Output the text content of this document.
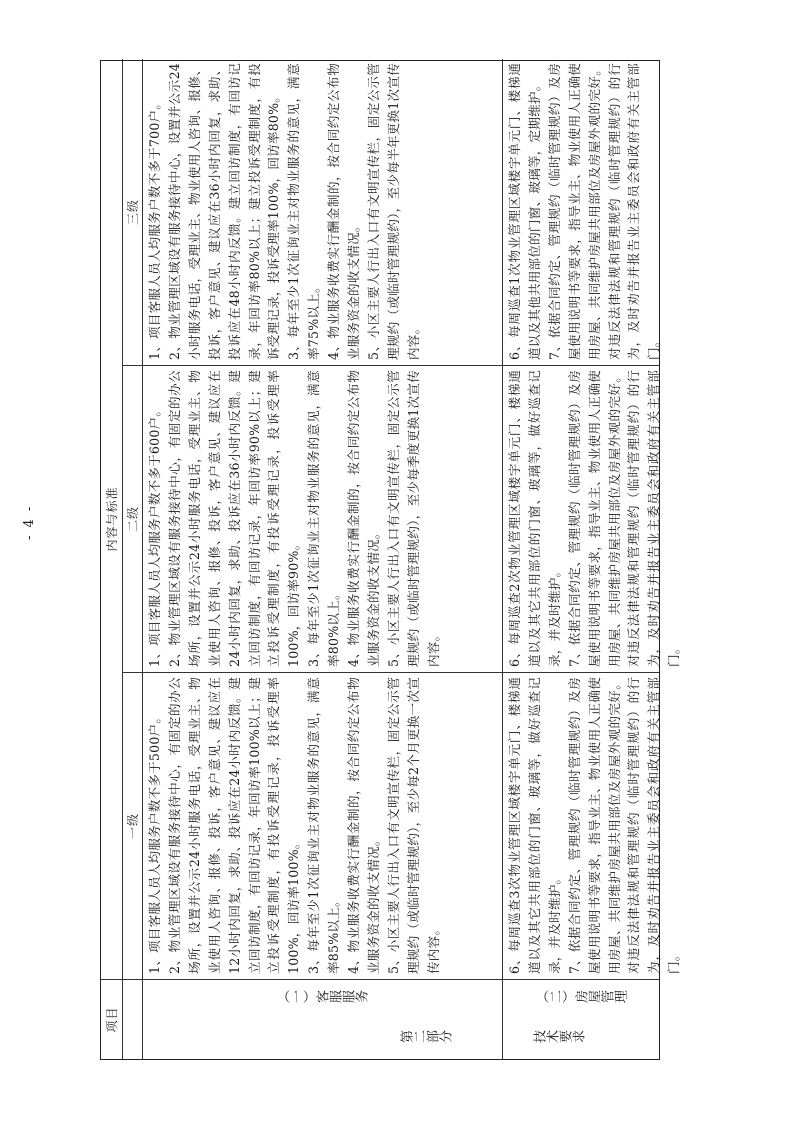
项目
内容与标准
一级
二级
三级
第二部分
（一）客服服务

1、项目客服人员人均服务户数不多于500户。 2、物业管理区域设有服务接待中心，有固定的办公场所，设置并公示24小时服务电话，受理业主、物业使用人咨询、报修、投诉，客户意见、建议应在12小时内回复，求助、投诉应在24小时内反馈。建立回访制度，有回访记录，年回访率100%以上；建立投诉受理制度，有投诉受理记录，投诉受理率100%，回访率100%。 3、每年至少1次征询业主对物业服务的意见，满意率85%以上。 4、物业服务收费实行酬金制的，按合同约定公布物业服务资金的收支情况。 5、小区主要人行出入口有文明宣传栏，固定公示管理规约（或临时管理规约），至少每2个月更换一次宣传内容。

1、项目客服人员人均服务户数不多于600户。 2、物业管理区域设有服务接待中心，有固定的办公场所，设置并公示24小时服务电话，受理业主、物业使用人咨询、报修、投诉，客户意见、建议应在24小时内回复，求助、投诉应在36小时内反馈。建立回访制度，有回访记录，年回访率90%以上；建立投诉受理制度，有投诉受理记录，投诉受理率100%，回访率90%。 3、每年至少1次征询业主对物业服务的意见，满意率80%以上。 4、物业服务收费实行酬金制的，按合同约定公布物业服务资金的收支情况。 5、小区主要人行出入口有文明宣传栏，固定公示管理规约（或临时管理规约），至少每季度更换1次宣传内容。

1、项目客服人员人均服务户数不多于700户。 2、物业管理区域设有服务接待中心，设置并公示24小时服务电话，受理业主、物业使用人咨询、报修、投诉，客户意见、建议应在36小时内回复，求助、投诉应在48小时内反馈。建立回访制度，有回访记录，年回访率80%以上；建立投诉受理制度，有投诉受理记录，投诉受理率100%，回访率80%。 3、每年至少1次征询业主对物业服务的意见，满意率75%以上。 4、物业服务收费实行酬金制的，按合同约定公布物业服务资金的收支情况。 5、小区主要人行出入口有文明宣传栏，固定公示管理规约（或临时管理规约），至少每半年更换1次宣传内容。

技术要求
（二）房屋管理

6、每周巡查3次物业管理区域楼宇单元门、楼梯通道以及其它共用部位的门窗、玻璃等，做好巡查记录，并及时维护。 7、依据合同约定、管理规约（临时管理规约）及房屋使用说明书等要求，指导业主、物业使用人正确使用房屋、共同维护房屋共用部位及房屋外观的完好。对违反法律法规和管理规约（临时管理规约）的行为，及时劝告并报告业主委员会和政府有关主管部门。

6、每周巡查2次物业管理区域楼宇单元门、楼梯通道以及其它共用部位的门窗、玻璃等，做好巡查记录，并及时维护。 7、依据合同约定、管理规约（临时管理规约）及房屋使用说明书等要求，指导业主、物业使用人正确使用房屋、共同维护房屋共用部位及房屋外观的完好。对违反法律法规和管理规约（临时管理规约）的行为，及时劝告并报告业主委员会和政府有关主管部门。

6、每周巡查1次物业管理区域楼宇单元门、楼梯通道以及其他共用部位的门窗、玻璃等，定期维护。 7、依据合同约定、管理规约（临时管理规约）及房屋使用说明书等要求，指导业主、物业使用人正确使用房屋、共同维护房屋共用部位及房屋外观的完好。对违反法律法规和管理规约（临时管理规约）的行为，及时劝告并报告业主委员会和政府有关主管部门。

- 4 -
